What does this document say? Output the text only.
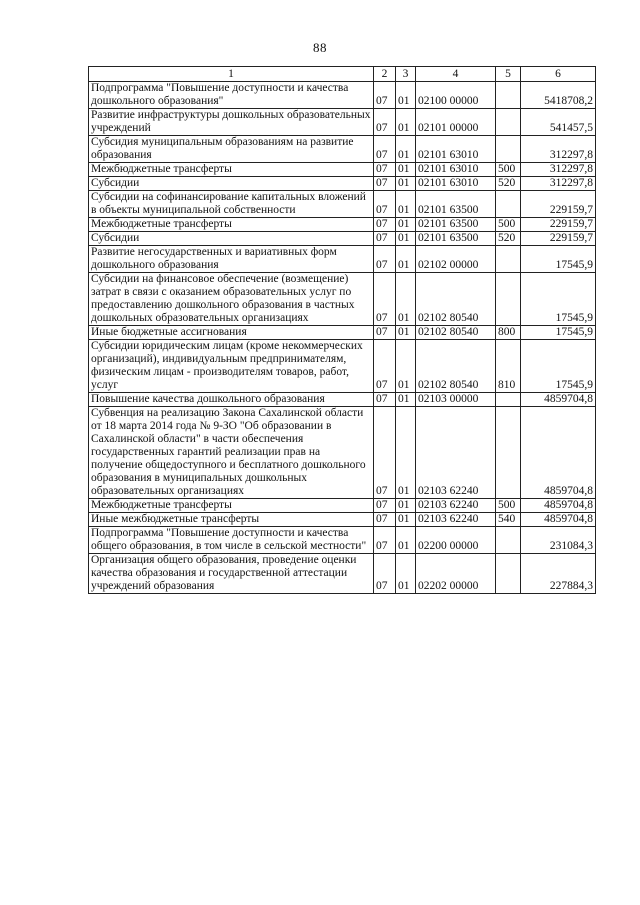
88
1	2	3	4	5	6
Подпрограмма "Повышение доступности и качества дошкольного образования"	07	01	02100 00000		5418708,2
Развитие инфраструктуры дошкольных образовательных учреждений	07	01	02101 00000		541457,5
Субсидия муниципальным образованиям на развитие образования	07	01	02101 63010		312297,8
Межбюджетные трансферты	07	01	02101 63010	500	312297,8
Субсидии	07	01	02101 63010	520	312297,8
Субсидии на софинансирование капитальных вложений в объекты муниципальной собственности	07	01	02101 63500		229159,7
Межбюджетные трансферты	07	01	02101 63500	500	229159,7
Субсидии	07	01	02101 63500	520	229159,7
Развитие негосударственных и вариативных форм дошкольного образования	07	01	02102 00000		17545,9
Субсидии на финансовое обеспечение (возмещение) затрат в связи с оказанием образовательных услуг по предоставлению дошкольного образования в частных дошкольных образовательных организациях	07	01	02102 80540		17545,9
Иные бюджетные ассигнования	07	01	02102 80540	800	17545,9
Субсидии юридическим лицам (кроме некоммерческих организаций), индивидуальным предпринимателям, физическим лицам - производителям товаров, работ, услуг	07	01	02102 80540	810	17545,9
Повышение качества дошкольного образования	07	01	02103 00000		4859704,8
Субвенция на реализацию Закона Сахалинской области от 18 марта 2014 года № 9-ЗО "Об образовании в Сахалинской области" в части обеспечения государственных гарантий реализации прав на получение общедоступного и бесплатного дошкольного образования в муниципальных дошкольных образовательных организациях	07	01	02103 62240		4859704,8
Межбюджетные трансферты	07	01	02103 62240	500	4859704,8
Иные межбюджетные трансферты	07	01	02103 62240	540	4859704,8
Подпрограмма "Повышение доступности и качества общего образования, в том числе в сельской местности"	07	01	02200 00000		231084,3
Организация общего образования, проведение оценки качества образования и государственной аттестации учреждений образования	07	01	02202 00000		227884,3
